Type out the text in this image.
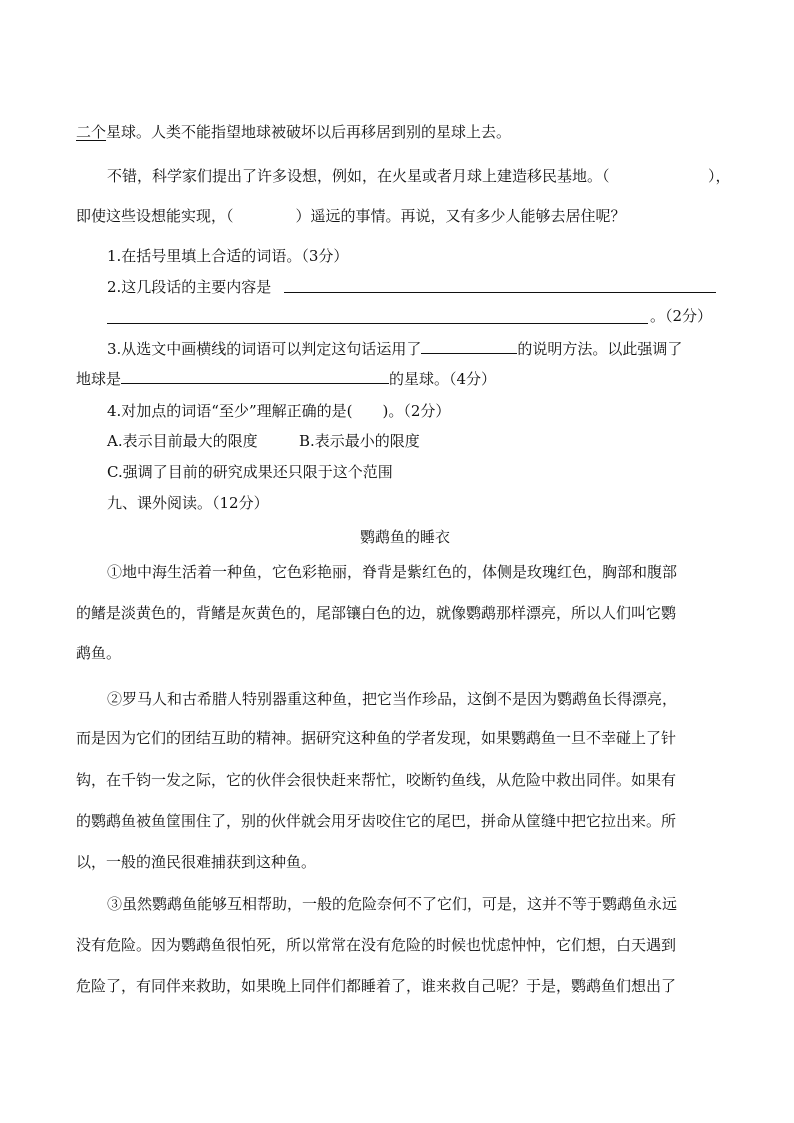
二个星球。人类不能指望地球被破坏以后再移居到别的星球上去。
不错，科学家们提出了许多设想，例如，在火星或者月球上建造移民基地。（	），
即使这些设想能实现，（	）遥远的事情。再说，又有多少人能够去居住呢？
1.在括号里填上合适的词语。（3分）
2.这几段话的主要内容是
。（2分）
3.从选文中画横线的词语可以判定这句话运用了	的说明方法。以此强调了
地球是	的星球。（4分）
4.对加点的词语“至少”理解正确的是(　　)。（2分）
A.表示目前最大的限度	B.表示最小的限度
C.强调了目前的研究成果还只限于这个范围
九、课外阅读。（12分）
鹦鹉鱼的睡衣
①地中海生活着一种鱼，它色彩艳丽，脊背是紫红色的，体侧是玫瑰红色，胸部和腹部
的鳍是淡黄色的，背鳍是灰黄色的，尾部镶白色的边，就像鹦鹉那样漂亮，所以人们叫它鹦
鹉鱼。
②罗马人和古希腊人特别器重这种鱼，把它当作珍品，这倒不是因为鹦鹉鱼长得漂亮，
而是因为它们的团结互助的精神。据研究这种鱼的学者发现，如果鹦鹉鱼一旦不幸碰上了针
钩，在千钧一发之际，它的伙伴会很快赶来帮忙，咬断钓鱼线，从危险中救出同伴。如果有
的鹦鹉鱼被鱼筐围住了，别的伙伴就会用牙齿咬住它的尾巴，拼命从筐缝中把它拉出来。所
以，一般的渔民很难捕获到这种鱼。
③虽然鹦鹉鱼能够互相帮助，一般的危险奈何不了它们，可是，这并不等于鹦鹉鱼永远
没有危险。因为鹦鹉鱼很怕死，所以常常在没有危险的时候也忧虑忡忡，它们想，白天遇到
危险了，有同伴来救助，如果晚上同伴们都睡着了，谁来救自己呢？于是，鹦鹉鱼们想出了
